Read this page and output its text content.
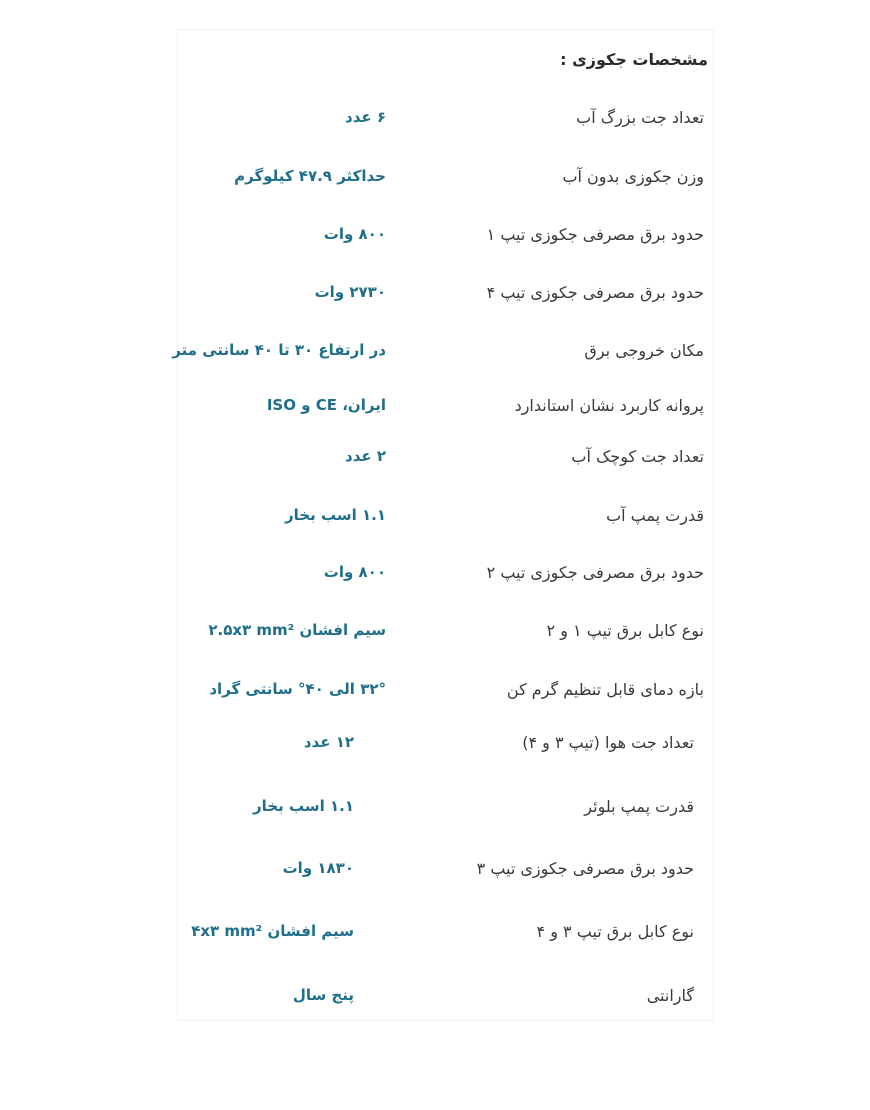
مشخصات جکوزی :
تعداد جت بزرگ آب
۶ عدد
وزن جکوزی بدون آب
حداکثر ۴۷.۹ کیلوگرم
حدود برق مصرفی جکوزی تیپ ۱
۸۰۰ وات
حدود برق مصرفی جکوزی تیپ ۴
۲۷۳۰ وات
مکان خروجی برق
در ارتفاع ۳۰ تا ۴۰ سانتی متر
پروانه کاربرد نشان استاندارد
ایران، CE و ISO
تعداد جت کوچک آب
۲ عدد
قدرت پمپ آب
۱.۱ اسب بخار
حدود برق مصرفی جکوزی تیپ ۲
۸۰۰ وات
نوع کابل برق تیپ ۱ و ۲
سیم افشان ۲.۵x۳ mm²
بازه دمای قابل تنظیم گرم کن
۳۲° الی ۴۰° سانتی گراد
تعداد جت هوا (تیپ ۳ و ۴)
۱۲ عدد
قدرت پمپ بلوئر
۱.۱ اسب بخار
حدود برق مصرفی جکوزی تیپ ۳
۱۸۳۰ وات
نوع کابل برق تیپ ۳ و ۴
سیم افشان ۴x۳ mm²
گارانتی
پنج سال
